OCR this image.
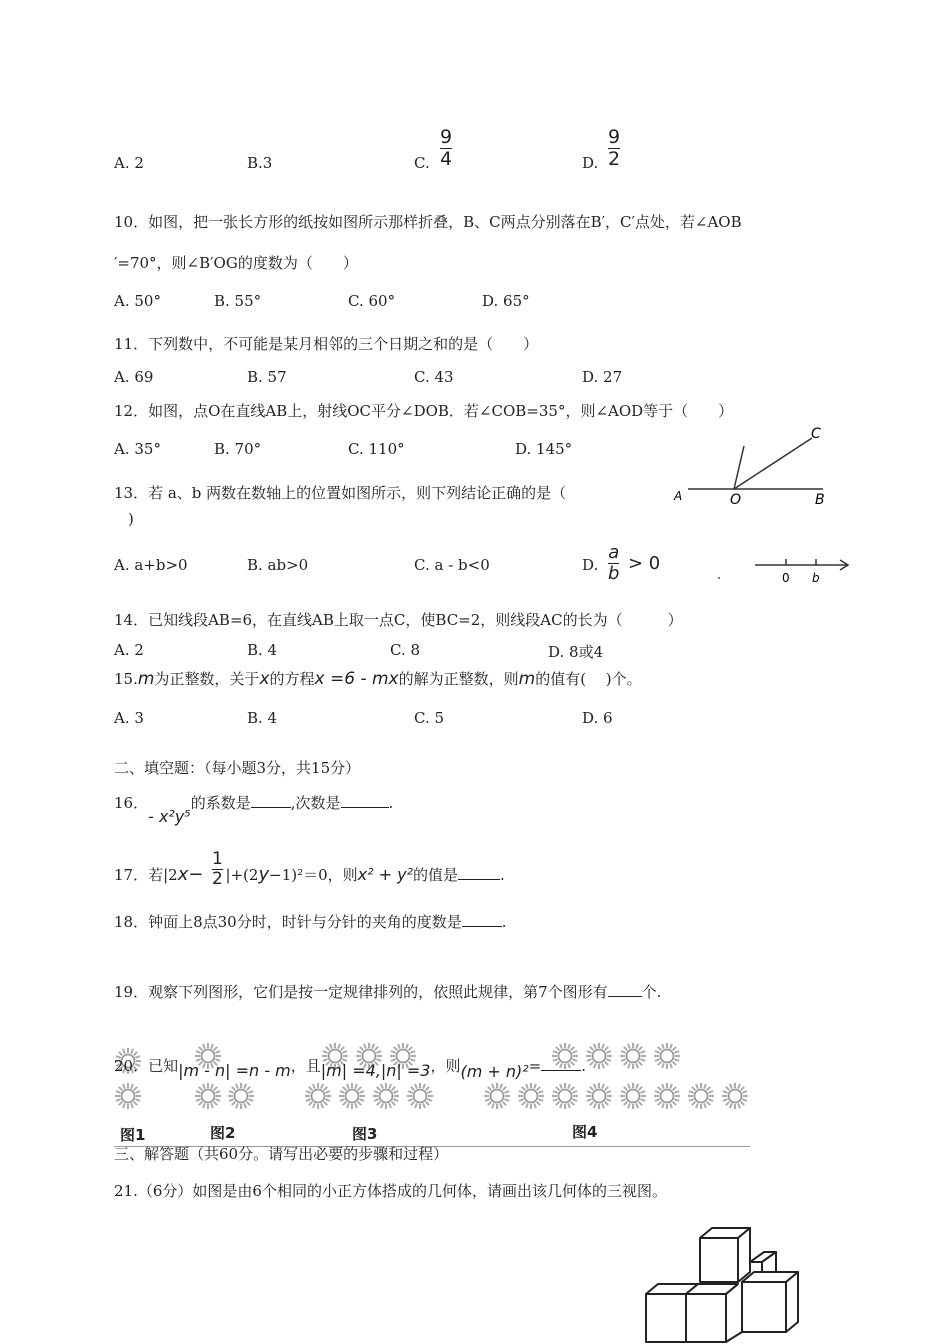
A. 2	B.3	C. $\frac{9}{4}$	D. $\frac{9}{2}$
10．如图，把一张长方形的纸按如图所示那样折叠，B、C两点分别落在B′，C′点处，若∠AOB
′=70°，则∠B′OG的度数为（　　）
A. 50°	B. 55°	C. 60°	D. 65°
11．下列数中，不可能是某月相邻的三个日期之和的是（　　）
A. 69	B. 57	C. 43	D. 27
12．如图，点O在直线AB上，射线OC平分∠DOB．若∠COB=35°，则∠AOD等于（　　）
A. 35°	B. 70°	C. 110°	D. 145°
A	O	B
C
13．若 a、b 两数在数轴上的位置如图所示，则下列结论正确的是（
)
A. a+b>0	B. ab>0	C. a - b<0	D. $\frac{a}{b} > 0$
0 b
14．已知线段AB=6，在直线AB上取一点C，使BC=2，则线段AC的长为（　　　）
A. 2	B. 4	C. 8	D. 8或4
15.m为正整数，关于x的方程x =6 - mx的解为正整数，则m的值有(　 )个。
A. 3	B. 4	C. 5	D. 6
二、填空题：（每小题3分，共15分）
16．- x²y⁵的系数是	,次数是	.
17．若|2x− |+(2y−1)²＝0，则x² + y²的值是	.
$\frac{1}{2}$
18．钟面上8点30分时，时针与分针的夹角的度数是	.
19．观察下列图形，它们是按一定规律排列的，依照此规律，第7个图形有 个.
20．已知|m - n| =n - m，且|m| =4,|n| =3，则(m + n)²=	.
图1	图2	图3	图4
三、解答题（共60分。请写出必要的步骤和过程）
21.（6分）如图是由6个相同的小正方体搭成的几何体，请画出该几何体的三视图。
